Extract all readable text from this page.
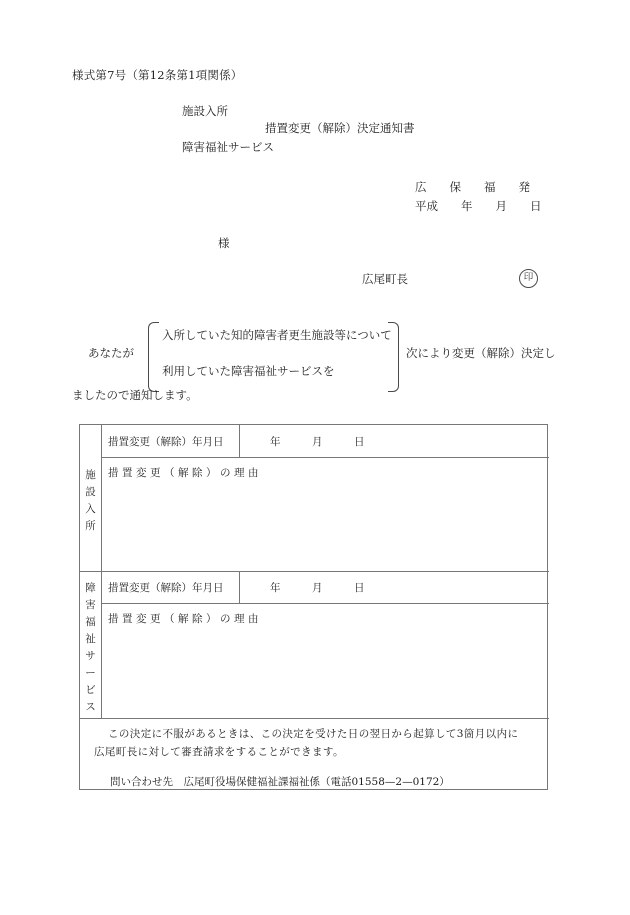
様式第7号（第12条第1項関係）
施設入所
措置変更（解除）決定通知書
障害福祉サービス
広　　保　　福　　発
平成　　年　　月　　日
様
広尾町長	印
あなたが
入所していた知的障害者更生施設等について
利用していた障害福祉サービスを
次により変更（解除）決定し
ましたので通知します。
施
設
入
所
措置変更（解除）年月日	年　　　月　　　日
措置変更（解除）の理由
障
害
福
祉
サ
ー
ビ
ス
措置変更（解除）年月日	年　　　月　　　日
措置変更（解除）の理由
この決定に不服があるときは、この決定を受けた日の翌日から起算して3箇月以内に
広尾町長に対して審査請求をすることができます。
問い合わせ先　広尾町役場保健福祉課福祉係（電話01558—2—0172）
